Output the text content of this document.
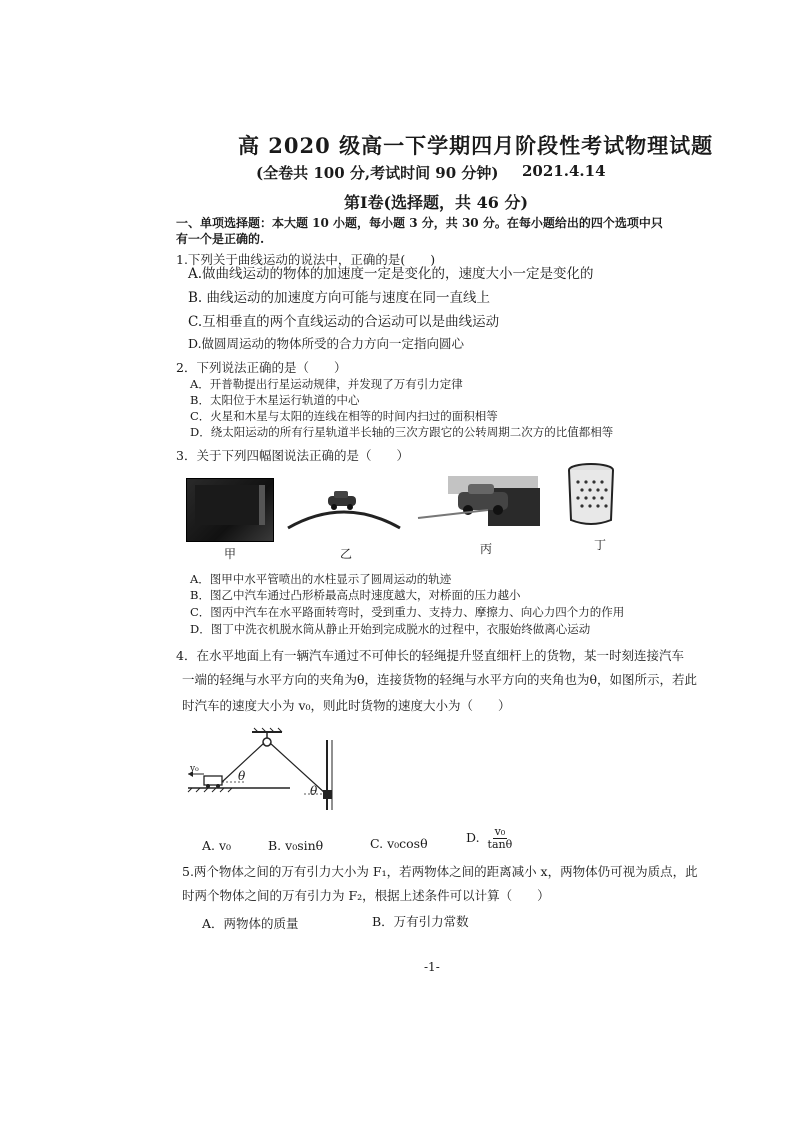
高 2020 级高一下学期四月阶段性考试物理试题
(全卷共 100 分,考试时间 90 分钟) 2021.4.14
第Ⅰ卷(选择题，共 46 分)
一、单项选择题：本大题 10 小题，每小题 3 分，共 30 分。在每小题给出的四个选项中只
有一个是正确的.
1.下列关于曲线运动的说法中，正确的是(　　)
A.做曲线运动的物体的加速度一定是变化的，速度大小一定是变化的
B. 曲线运动的加速度方向可能与速度在同一直线上
C.互相垂直的两个直线运动的合运动可以是曲线运动
D.做圆周运动的物体所受的合力方向一定指向圆心
2．下列说法正确的是（　　）
A．开普勒提出行星运动规律，并发现了万有引力定律
B．太阳位于木星运行轨道的中心
C．火星和木星与太阳的连线在相等的时间内扫过的面积相等
D．绕太阳运动的所有行星轨道半长轴的三次方跟它的公转周期二次方的比值都相等
3．关于下列四幅图说法正确的是（　　）
甲	乙	丙	丁
A．图甲中水平管喷出的水柱显示了圆周运动的轨迹
B．图乙中汽车通过凸形桥最高点时速度越大，对桥面的压力越小
C．图丙中汽车在水平路面转弯时，受到重力、支持力、摩擦力、向心力四个力的作用
D．图丁中洗衣机脱水筒从静止开始到完成脱水的过程中，衣服始终做离心运动
4．在水平地面上有一辆汽车通过不可伸长的轻绳提升竖直细杆上的货物，某一时刻连接汽车
一端的轻绳与水平方向的夹角为θ，连接货物的轻绳与水平方向的夹角也为θ，如图所示，若此
时汽车的速度大小为 v₀，则此时货物的速度大小为（　　）
v₀	θ
θ
A. v₀	B. v₀sinθ	C. v₀cosθ	D. $\frac{\text{v₀}}{\tan\theta}$
5.两个物体之间的万有引力大小为 F₁，若两物体之间的距离减小 x，两物体仍可视为质点，此
时两个物体之间的万有引力为 F₂，根据上述条件可以计算（　　）
A．两物体的质量	B．万有引力常数
-1-
